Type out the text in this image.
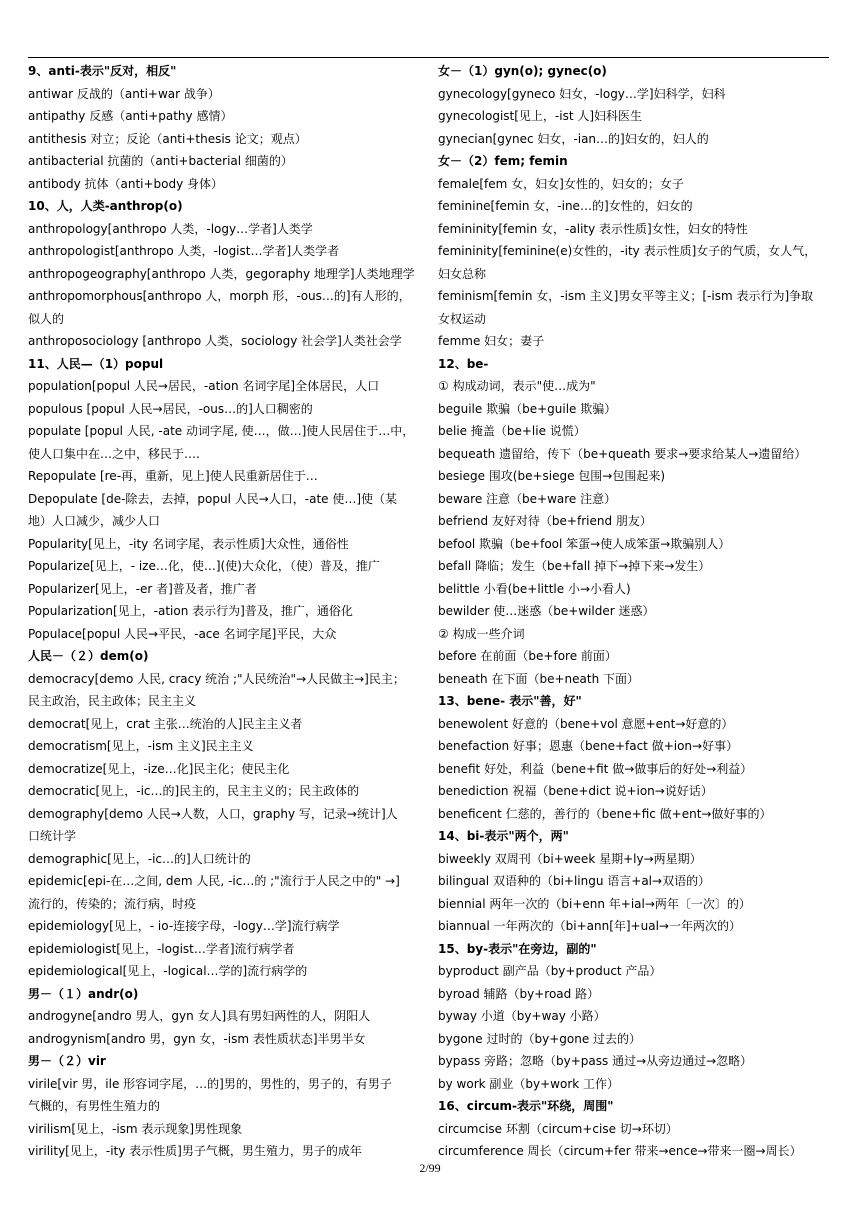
9、anti-表示"反对，相反"
antiwar 反战的（anti+war 战争）
antipathy 反感（anti+pathy 感情）
antithesis 对立；反论（anti+thesis 论文；观点）
antibacterial 抗菌的（anti+bacterial 细菌的）
antibody 抗体（anti+body 身体）
10、人，人类-anthrop(o)
anthropology[anthropo 人类，-logy…学者]人类学
anthropologist[anthropo 人类，-logist…学者]人类学者
anthropogeography[anthropo 人类，gegoraphy 地理学]人类地理学
anthropomorphous[anthropo 人，morph 形，-ous…的]有人形的，
似人的
anthroposociology [anthropo 人类，sociology 社会学]人类社会学
11、人民—（1）popul
population[popul 人民→居民，-ation 名词字尾]全体居民，人口
populous [popul 人民→居民，-ous…的]人口稠密的
populate [popul 人民, -ate 动词字尾, 使…，做…]使人民居住于…中，
使人口集中在…之中，移民于….
Repopulate [re-再，重新，见上]使人民重新居住于…
Depopulate [de-除去，去掉，popul 人民→人口，-ate 使…]使（某
地）人口减少，减少人口
Popularity[见上，-ity 名词字尾，表示性质]大众性，通俗性
Popularize[见上，- ize…化，使…](使)大众化，（使）普及，推广
Popularizer[见上，-er 者]普及者，推广者
Popularization[见上，-ation 表示行为]普及，推广，通俗化
Populace[popul 人民→平民，-ace 名词字尾]平民，大众
人民－（２）dem(o)
democracy[demo 人民, cracy 统治 ;"人民统治"→人民做主→]民主；
民主政治，民主政体；民主主义
democrat[见上，crat 主张…统治的人]民主主义者
democratism[见上，-ism 主义]民主主义
democratize[见上，-ize…化]民主化；使民主化
democratic[见上，-ic…的]民主的，民主主义的；民主政体的
demography[demo 人民→人数，人口，graphy 写，记录→统计]人
口统计学
demographic[见上，-ic…的]人口统计的
epidemic[epi-在…之间, dem 人民, -ic…的 ;"流行于人民之中的" →]
流行的，传染的；流行病，时疫
epidemiology[见上，- io-连接字母，-logy…学]流行病学
epidemiologist[见上，-logist…学者]流行病学者
epidemiological[见上，-logical…学的]流行病学的
男－（１）andr(o)
androgyne[andro 男人，gyn 女人]具有男妇两性的人，阴阳人
androgynism[andro 男，gyn 女，-ism 表性质状态]半男半女
男－（２）vir
virile[vir 男，ile 形容词字尾，…的]男的，男性的，男子的，有男子
气概的，有男性生殖力的
virilism[见上，-ism 表示现象]男性现象
virility[见上，-ity 表示性质]男子气概，男生殖力，男子的成年
女－（1）gyn(o); gynec(o)
gynecology[gyneco 妇女，-logy…学]妇科学，妇科
gynecologist[见上，-ist 人]妇科医生
gynecian[gynec 妇女，-ian…的]妇女的，妇人的
女－（2）fem; femin
female[fem 女，妇女]女性的，妇女的；女子
feminine[femin 女，-ine…的]女性的，妇女的
femininity[femin 女，-ality 表示性质]女性，妇女的特性
femininity[feminine(e)女性的，-ity 表示性质]女子的气质，女人气，
妇女总称
feminism[femin 女，-ism 主义]男女平等主义；[-ism 表示行为]争取
女权运动
femme 妇女；妻子
12、be-
① 构成动词，表示"使…成为"
beguile 欺骗（be+guile 欺骗）
belie 掩盖（be+lie 说慌）
bequeath 遗留给，传下（be+queath 要求→要求给某人→遗留给）
besiege 围攻(be+siege 包围→包围起来)
beware 注意（be+ware 注意）
befriend 友好对待（be+friend 朋友）
befool 欺骗（be+fool 笨蛋→使人成笨蛋→欺骗别人）
befall 降临；发生（be+fall 掉下→掉下来→发生）
belittle 小看(be+little 小→小看人)
bewilder 使…迷惑（be+wilder 迷惑）
② 构成一些介词
before 在前面（be+fore 前面）
beneath 在下面（be+neath 下面）
13、bene- 表示"善，好"
benewolent 好意的（bene+vol 意愿+ent→好意的）
benefaction 好事；恩惠（bene+fact 做+ion→好事）
benefit 好处，利益（bene+fit 做→做事后的好处→利益）
benediction 祝福（bene+dict 说+ion→说好话）
beneficent 仁慈的，善行的（bene+fic 做+ent→做好事的）
14、bi-表示"两个，两"
biweekly 双周刊（bi+week 星期+ly→两星期）
bilingual 双语种的（bi+lingu 语言+al→双语的）
biennial 两年一次的（bi+enn 年+ial→两年〔一次〕的）
biannual 一年两次的（bi+ann[年]+ual→一年两次的）
15、by-表示"在旁边，副的"
byproduct 副产品（by+product 产品）
byroad 辅路（by+road 路）
byway 小道（by+way 小路）
bygone 过时的（by+gone 过去的）
bypass 旁路；忽略（by+pass 通过→从旁边通过→忽略）
by work 副业（by+work 工作）
16、circum-表示"环绕，周围"
circumcise 环割（circum+cise 切→环切）
circumference 周长（circum+fer 带来→ence→带来一圈→周长）
2/99
